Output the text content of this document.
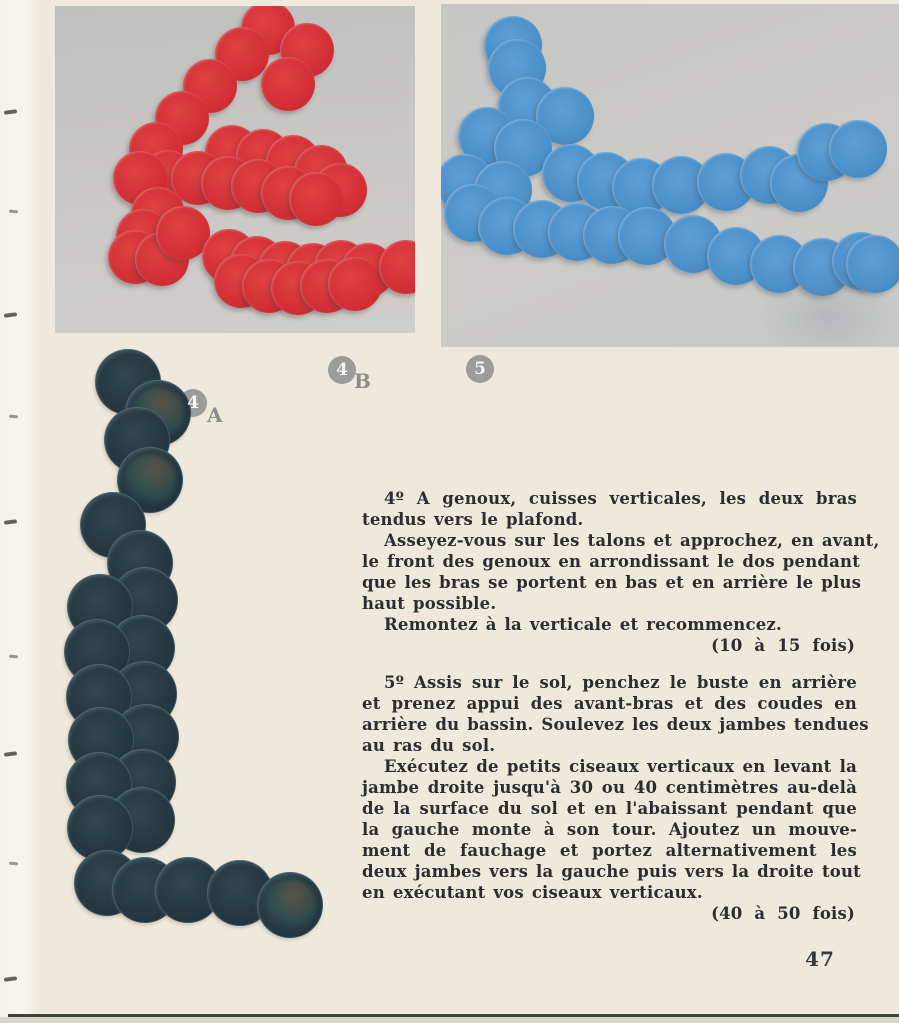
4 B	5
A
4
4º A genoux, cuisses verticales, les deux bras
tendus vers le plafond.
Asseyez-vous sur les talons et approchez, en avant,
le front des genoux en arrondissant le dos pendant
que les bras se portent en bas et en arrière le plus
haut possible.
Remontez à la verticale et recommencez.
(10 à 15 fois)
5º Assis sur le sol, penchez le buste en arrière
et prenez appui des avant-bras et des coudes en
arrière du bassin. Soulevez les deux jambes tendues
au ras du sol.
Exécutez de petits ciseaux verticaux en levant la
jambe droite jusqu'à 30 ou 40 centimètres au-delà
de la surface du sol et en l'abaissant pendant que
la gauche monte à son tour. Ajoutez un mouve-
ment de fauchage et portez alternativement les
deux jambes vers la gauche puis vers la droite tout
en exécutant vos ciseaux verticaux.
(40 à 50 fois)
47
